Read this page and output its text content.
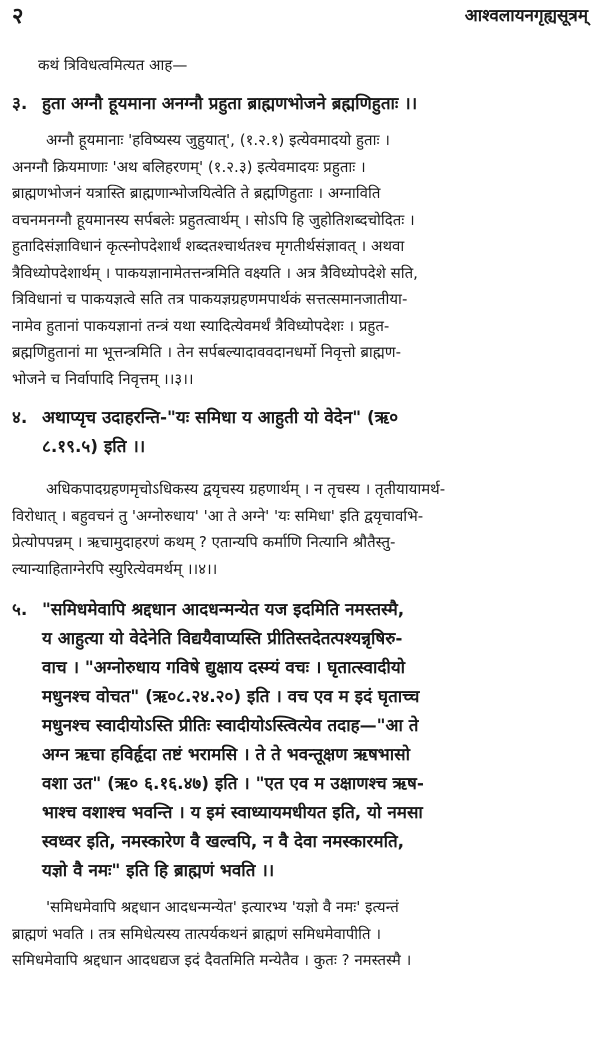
२	आश्वलायनगृह्यसूत्रम्
कथं त्रिविधत्वमित्यत आह—
३. हुता अग्नौ हूयमाना अनग्नौ प्रहुता ब्राह्मणभोजने ब्रह्मणिहुताः ।।
अग्नौ हूयमानाः 'हविष्यस्य जुहुयात्', (१.२.१) इत्येवमादयो हुताः ।
अनग्नौ क्रियमाणाः 'अथ बलिहरणम्' (१.२.३) इत्येवमादयः प्रहुताः ।
ब्राह्मणभोजनं यत्रास्ति ब्राह्मणान्भोजयित्वेति ते ब्रह्मणिहुताः । अग्नाविति
वचनमनग्नौ हूयमानस्य सर्पबलेः प्रहुतत्वार्थम् । सोऽपि हि जुहोतिशब्दचोदितः ।
हुतादिसंज्ञाविधानं कृत्स्नोपदेशार्थं शब्दतश्चार्थतश्च मृगतीर्थसंज्ञावत् । अथवा
त्रैविध्योपदेशार्थम् । पाकयज्ञानामेतत्तन्त्रमिति वक्ष्यति । अत्र त्रैविध्योपदेशे सति,
त्रिविधानां च पाकयज्ञत्वे सति तत्र पाकयज्ञग्रहणमपार्थकं सत्तत्समानजातीया-
नामेव हुतानां पाकयज्ञानां तन्त्रं यथा स्यादित्येवमर्थं त्रैविध्योपदेशः । प्रहुत-
ब्रह्मणिहुतानां मा भूत्तन्त्रमिति । तेन सर्पबल्यादाववदानधर्मो निवृत्तो ब्राह्मण-
भोजने च निर्वापादि निवृत्तम् ।।३।।
४. अथाप्यृच उदाहरन्ति-"यः समिधा य आहुती यो वेदेन" (ऋ०
८.१९.५) इति ।।
अधिकपादग्रहणमृचोऽधिकस्य द्वयृचस्य ग्रहणार्थम् । न तृचस्य । तृतीयायामर्थ-
विरोधात् । बहुवचनं तु 'अग्नोरुधाय' 'आ ते अग्ने' 'यः समिधा' इति द्वयृचावभि-
प्रेत्योपपन्नम् । ऋचामुदाहरणं कथम् ? एतान्यपि कर्माणि नित्यानि श्रौतैस्तु-
ल्यान्याहिताग्नेरपि स्युरित्येवमर्थम् ।।४।।
५. "समिधमेवापि श्रद्दधान आदधन्मन्येत यज इदमिति नमस्तस्मै,
य आहुत्या यो वेदेनेति विद्ययैवाप्यस्ति प्रीतिस्तदेतत्पश्यन्नृषिरु-
वाच । "अग्नोरुधाय गविषे द्युक्षाय दस्म्यं वचः । घृतात्स्वादीयो
मधुनश्च वोचत" (ऋ०८.२४.२०) इति । वच एव म इदं घृताच्च
मधुनश्च स्वादीयोऽस्ति प्रीतिः स्वादीयोऽस्त्वित्येव तदाह—"आ ते
अग्न ऋचा हविर्हृदा तष्टं भरामसि । ते ते भवन्तूक्षण ऋषभासो
वशा उत" (ऋ० ६.१६.४७) इति । "एत एव म उक्षाणश्च ऋष-
भाश्च वशाश्च भवन्ति । य इमं स्वाध्यायमधीयत इति, यो नमसा
स्वध्वर इति, नमस्कारेण वै खल्वपि, न वै देवा नमस्कारमति,
यज्ञो वै नमः" इति हि ब्राह्मणं भवति ।।
'समिधमेवापि श्रद्दधान आदधन्मन्येत' इत्यारभ्य 'यज्ञो वै नमः' इत्यन्तं
ब्राह्मणं भवति । तत्र समिधेत्यस्य तात्पर्यकथनं ब्राह्मणं समिधमेवापीति ।
समिधमेवापि श्रद्दधान आदधद्यज इदं दैवतमिति मन्येतैव । कुतः ? नमस्तस्मै ।
